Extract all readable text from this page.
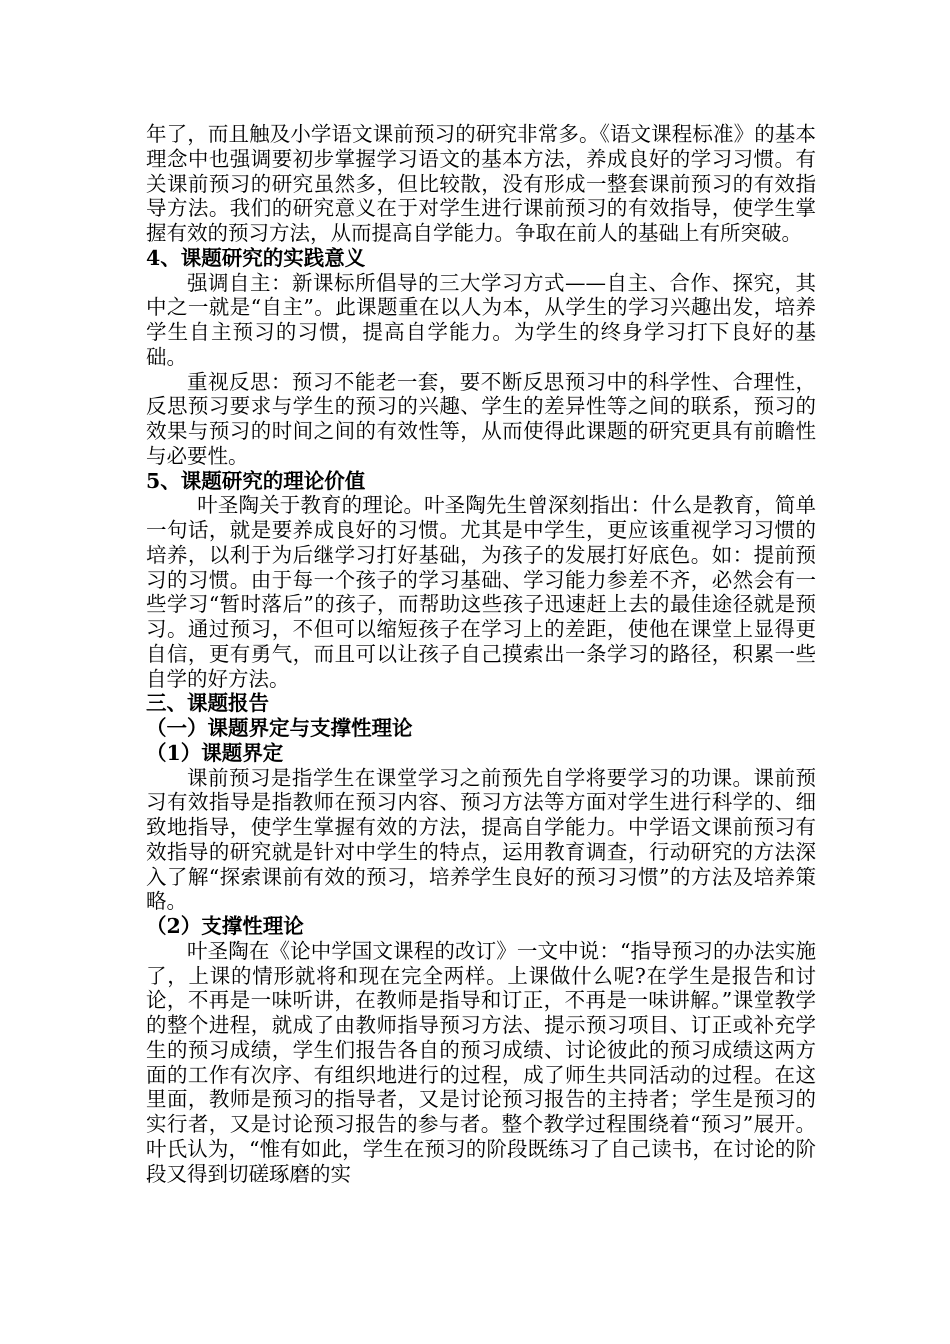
年了，而且触及小学语文课前预习的研究非常多。《语文课程标准》的基本理念中也强调要初步掌握学习语文的基本方法，养成良好的学习习惯。有关课前预习的研究虽然多，但比较散，没有形成一整套课前预习的有效指导方法。我们的研究意义在于对学生进行课前预习的有效指导，使学生掌握有效的预习方法，从而提高自学能力。争取在前人的基础上有所突破。

4、课题研究的实践意义

强调自主：新课标所倡导的三大学习方式——自主、合作、探究，其中之一就是“自主”。此课题重在以人为本，从学生的学习兴趣出发，培养学生自主预习的习惯，提高自学能力。为学生的终身学习打下良好的基础。

重视反思：预习不能老一套，要不断反思预习中的科学性、合理性，反思预习要求与学生的预习的兴趣、学生的差异性等之间的联系，预习的效果与预习的时间之间的有效性等，从而使得此课题的研究更具有前瞻性与必要性。

5、课题研究的理论价值

叶圣陶关于教育的理论。叶圣陶先生曾深刻指出：什么是教育，简单一句话，就是要养成良好的习惯。尤其是中学生，更应该重视学习习惯的培养，以利于为后继学习打好基础，为孩子的发展打好底色。如：提前预习的习惯。由于每一个孩子的学习基础、学习能力参差不齐，必然会有一些学习“暂时落后”的孩子，而帮助这些孩子迅速赶上去的最佳途径就是预习。通过预习，不但可以缩短孩子在学习上的差距，使他在课堂上显得更自信，更有勇气，而且可以让孩子自己摸索出一条学习的路径，积累一些自学的好方法。

三、课题报告

（一）课题界定与支撑性理论

（1）课题界定

课前预习是指学生在课堂学习之前预先自学将要学习的功课。课前预习有效指导是指教师在预习内容、预习方法等方面对学生进行科学的、细致地指导，使学生掌握有效的方法，提高自学能力。中学语文课前预习有效指导的研究就是针对中学生的特点，运用教育调查，行动研究的方法深入了解“探索课前有效的预习，培养学生良好的预习习惯”的方法及培养策略。

（2）支撑性理论

叶圣陶在《论中学国文课程的改订》一文中说：“指导预习的办法实施了，上课的情形就将和现在完全两样。上课做什么呢?在学生是报告和讨论，不再是一味听讲，在教师是指导和订正，不再是一味讲解。”课堂教学的整个进程，就成了由教师指导预习方法、提示预习项目、订正或补充学生的预习成绩，学生们报告各自的预习成绩、讨论彼此的预习成绩这两方面的工作有次序、有组织地进行的过程，成了师生共同活动的过程。在这里面，教师是预习的指导者，又是讨论预习报告的主持者；学生是预习的实行者，又是讨论预习报告的参与者。整个教学过程围绕着“预习”展开。叶氏认为，“惟有如此，学生在预习的阶段既练习了自己读书，在讨论的阶段又得到切磋琢磨的实
